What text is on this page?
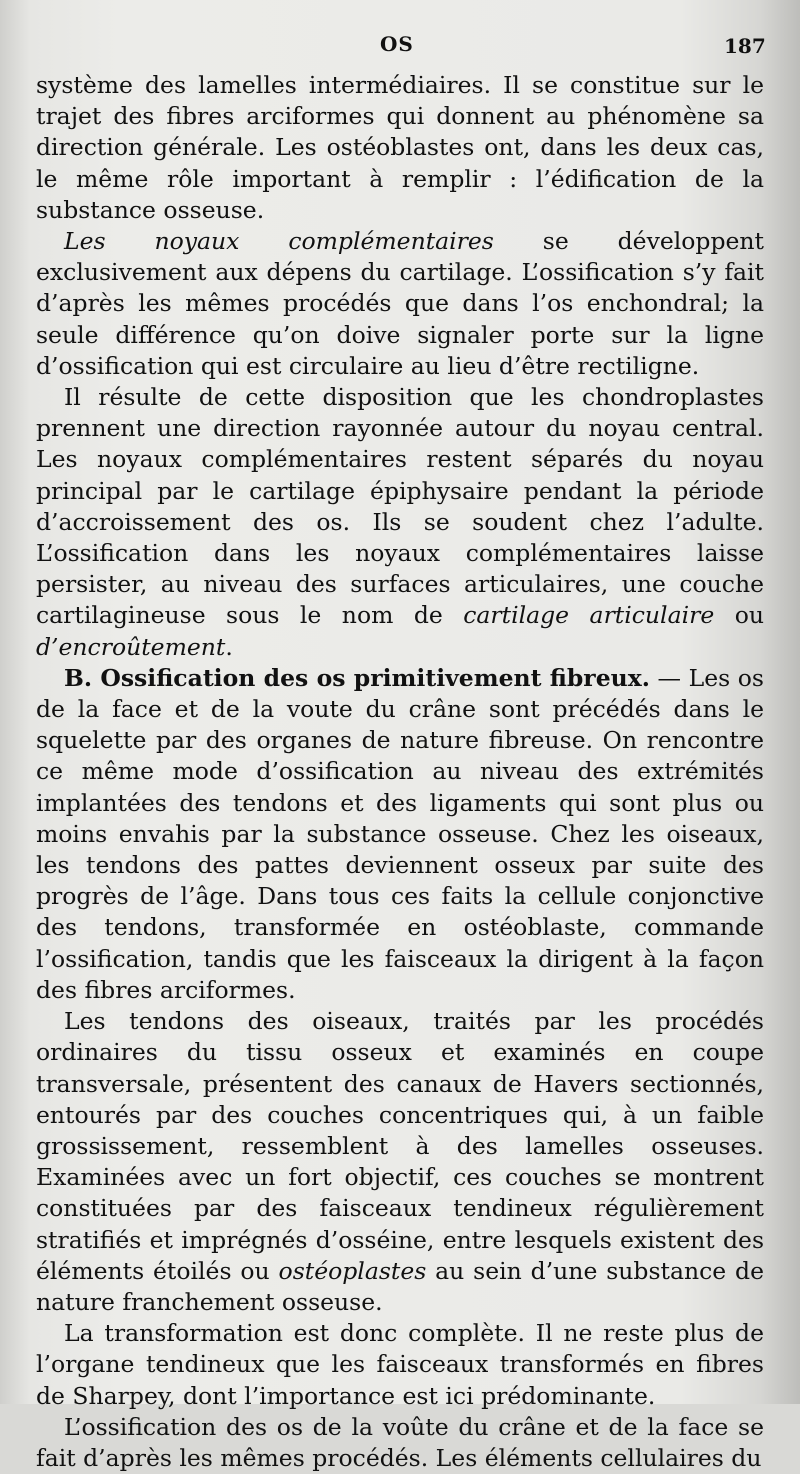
OS	187

système des lamelles intermédiaires. Il se constitue sur le trajet des fibres arciformes qui donnent au phénomène sa direction générale. Les ostéoblastes ont, dans les deux cas, le même rôle important à remplir : l’édification de la substance osseuse.

Les noyaux complémentaires se développent exclusivement aux dépens du cartilage. L’ossification s’y fait d’après les mêmes procédés que dans l’os enchondral; la seule différence qu’on doive signaler porte sur la ligne d’ossification qui est circulaire au lieu d’être rectiligne.

Il résulte de cette disposition que les chondroplastes prennent une direction rayonnée autour du noyau central. Les noyaux complémentaires restent séparés du noyau principal par le cartilage épiphysaire pendant la période d’accroissement des os. Ils se soudent chez l’adulte. L’ossification dans les noyaux complémentaires laisse persister, au niveau des surfaces articulaires, une couche cartilagineuse sous le nom de cartilage articulaire ou d’encroûtement.

B. Ossification des os primitivement fibreux. — Les os de la face et de la voute du crâne sont précédés dans le squelette par des organes de nature fibreuse. On rencontre ce même mode d’ossification au niveau des extrémités implantées des tendons et des ligaments qui sont plus ou moins envahis par la substance osseuse. Chez les oiseaux, les tendons des pattes deviennent osseux par suite des progrès de l’âge. Dans tous ces faits la cellule conjonctive des tendons, transformée en ostéoblaste, commande l’ossification, tandis que les faisceaux la dirigent à la façon des fibres arciformes.

Les tendons des oiseaux, traités par les procédés ordinaires du tissu osseux et examinés en coupe transversale, présentent des canaux de Havers sectionnés, entourés par des couches concentriques qui, à un faible grossissement, ressemblent à des lamelles osseuses. Examinées avec un fort objectif, ces couches se montrent constituées par des faisceaux tendineux régulièrement stratifiés et imprégnés d’osséine, entre lesquels existent des éléments étoilés ou ostéoplastes au sein d’une substance de nature franchement osseuse.

La transformation est donc complète. Il ne reste plus de l’organe tendineux que les faisceaux transformés en fibres de Sharpey, dont l’importance est ici prédominante.

L’ossification des os de la voûte du crâne et de la face se fait d’après les mêmes procédés. Les éléments cellulaires du
